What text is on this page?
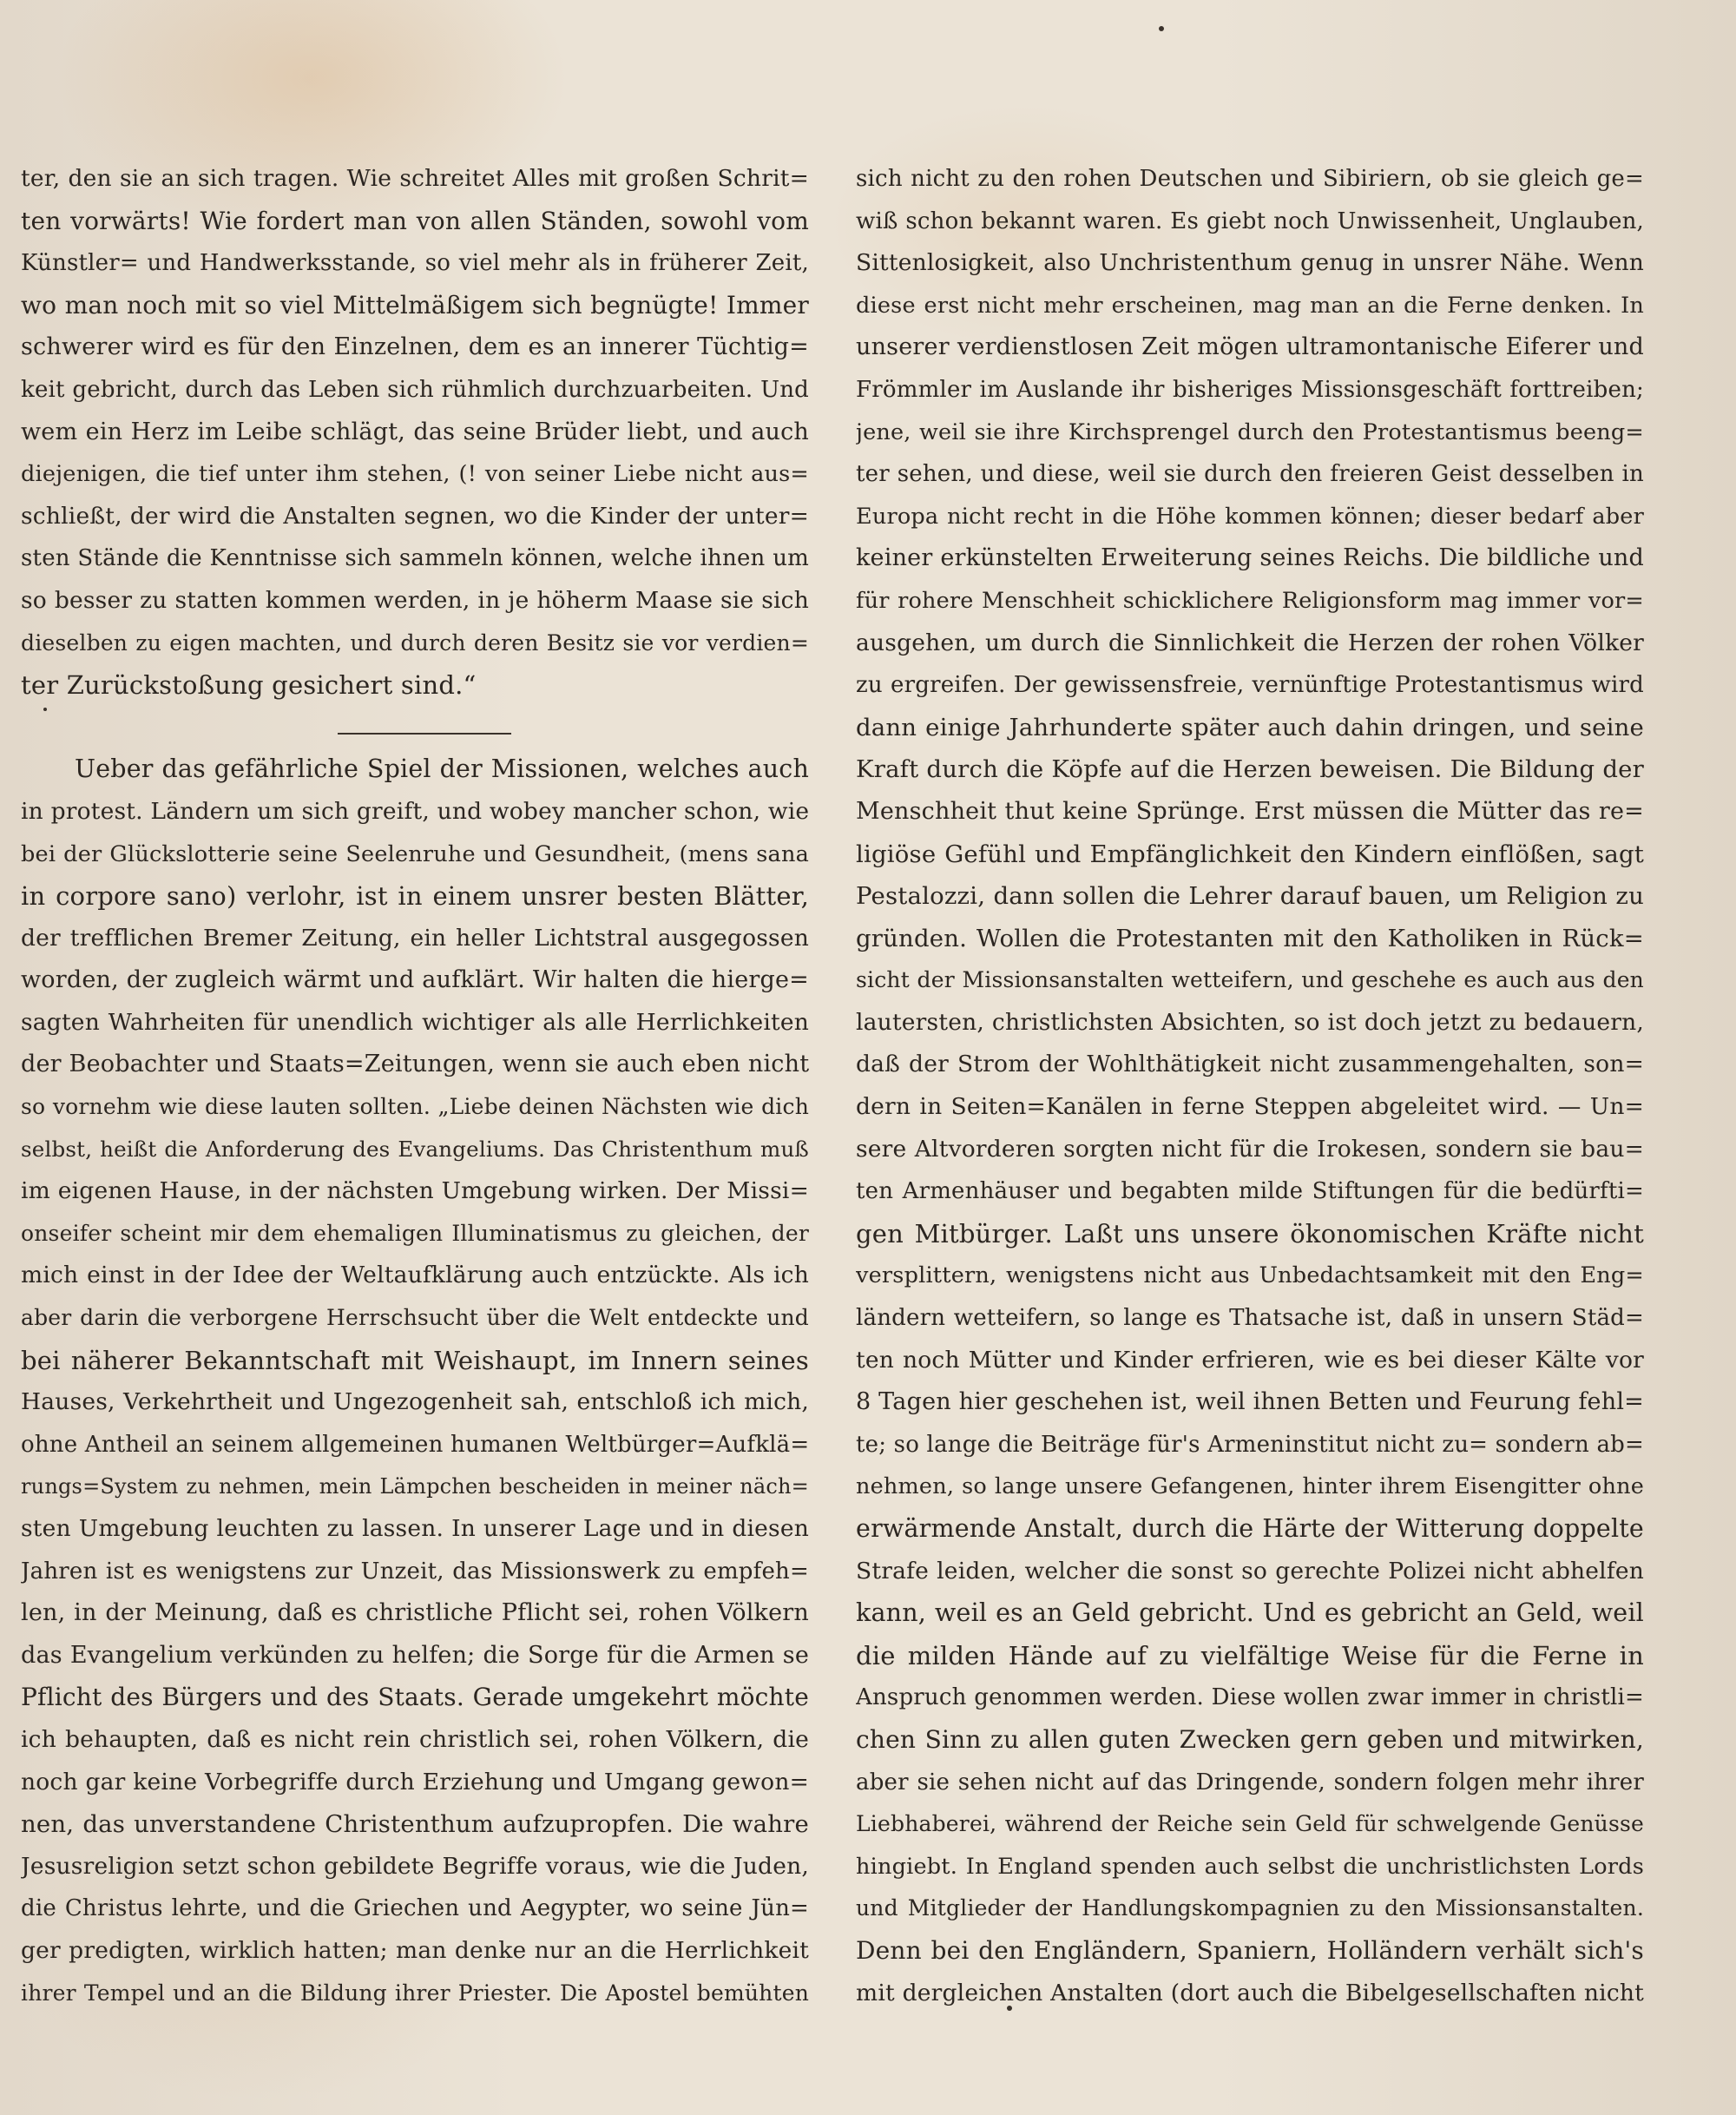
ter, den sie an sich tragen. Wie schreitet Alles mit großen Schrit=
ten vorwärts! Wie fordert man von allen Ständen, sowohl vom
Künstler= und Handwerksstande, so viel mehr als in früherer Zeit,
wo man noch mit so viel Mittelmäßigem sich begnügte! Immer
schwerer wird es für den Einzelnen, dem es an innerer Tüchtig=
keit gebricht, durch das Leben sich rühmlich durchzuarbeiten. Und
wem ein Herz im Leibe schlägt, das seine Brüder liebt, und auch
diejenigen, die tief unter ihm stehen, (! von seiner Liebe nicht aus=
schließt, der wird die Anstalten segnen, wo die Kinder der unter=
sten Stände die Kenntnisse sich sammeln können, welche ihnen um
so besser zu statten kommen werden, in je höherm Maase sie sich
dieselben zu eigen machten, und durch deren Besitz sie vor verdien=
ter Zurückstoßung gesichert sind.“
Ueber das gefährliche Spiel der Missionen, welches auch
in protest. Ländern um sich greift, und wobey mancher schon, wie
bei der Glückslotterie seine Seelenruhe und Gesundheit, (mens sana
in corpore sano) verlohr, ist in einem unsrer besten Blätter,
der trefflichen Bremer Zeitung, ein heller Lichtstral ausgegossen
worden, der zugleich wärmt und aufklärt. Wir halten die hierge=
sagten Wahrheiten für unendlich wichtiger als alle Herrlichkeiten
der Beobachter und Staats=Zeitungen, wenn sie auch eben nicht
so vornehm wie diese lauten sollten. „Liebe deinen Nächsten wie dich
selbst, heißt die Anforderung des Evangeliums. Das Christenthum muß
im eigenen Hause, in der nächsten Umgebung wirken. Der Missi=
onseifer scheint mir dem ehemaligen Illuminatismus zu gleichen, der
mich einst in der Idee der Weltaufklärung auch entzückte. Als ich
aber darin die verborgene Herrschsucht über die Welt entdeckte und
bei näherer Bekanntschaft mit Weishaupt, im Innern seines
Hauses, Verkehrtheit und Ungezogenheit sah, entschloß ich mich,
ohne Antheil an seinem allgemeinen humanen Weltbürger=Aufklä=
rungs=System zu nehmen, mein Lämpchen bescheiden in meiner näch=
sten Umgebung leuchten zu lassen. In unserer Lage und in diesen
Jahren ist es wenigstens zur Unzeit, das Missionswerk zu empfeh=
len, in der Meinung, daß es christliche Pflicht sei, rohen Völkern
das Evangelium verkünden zu helfen; die Sorge für die Armen se
Pflicht des Bürgers und des Staats. Gerade umgekehrt möchte
ich behaupten, daß es nicht rein christlich sei, rohen Völkern, die
noch gar keine Vorbegriffe durch Erziehung und Umgang gewon=
nen, das unverstandene Christenthum aufzupropfen. Die wahre
Jesusreligion setzt schon gebildete Begriffe voraus, wie die Juden,
die Christus lehrte, und die Griechen und Aegypter, wo seine Jün=
ger predigten, wirklich hatten; man denke nur an die Herrlichkeit
ihrer Tempel und an die Bildung ihrer Priester. Die Apostel bemühten
sich nicht zu den rohen Deutschen und Sibiriern, ob sie gleich ge=
wiß schon bekannt waren. Es giebt noch Unwissenheit, Unglauben,
Sittenlosigkeit, also Unchristenthum genug in unsrer Nähe. Wenn
diese erst nicht mehr erscheinen, mag man an die Ferne denken. In
unserer verdienstlosen Zeit mögen ultramontanische Eiferer und
Frömmler im Auslande ihr bisheriges Missionsgeschäft forttreiben;
jene, weil sie ihre Kirchsprengel durch den Protestantismus beeng=
ter sehen, und diese, weil sie durch den freieren Geist desselben in
Europa nicht recht in die Höhe kommen können; dieser bedarf aber
keiner erkünstelten Erweiterung seines Reichs. Die bildliche und
für rohere Menschheit schicklichere Religionsform mag immer vor=
ausgehen, um durch die Sinnlichkeit die Herzen der rohen Völker
zu ergreifen. Der gewissensfreie, vernünftige Protestantismus wird
dann einige Jahrhunderte später auch dahin dringen, und seine
Kraft durch die Köpfe auf die Herzen beweisen. Die Bildung der
Menschheit thut keine Sprünge. Erst müssen die Mütter das re=
ligiöse Gefühl und Empfänglichkeit den Kindern einflößen, sagt
Pestalozzi, dann sollen die Lehrer darauf bauen, um Religion zu
gründen. Wollen die Protestanten mit den Katholiken in Rück=
sicht der Missionsanstalten wetteifern, und geschehe es auch aus den
lautersten, christlichsten Absichten, so ist doch jetzt zu bedauern,
daß der Strom der Wohlthätigkeit nicht zusammengehalten, son=
dern in Seiten=Kanälen in ferne Steppen abgeleitet wird. — Un=
sere Altvorderen sorgten nicht für die Irokesen, sondern sie bau=
ten Armenhäuser und begabten milde Stiftungen für die bedürfti=
gen Mitbürger. Laßt uns unsere ökonomischen Kräfte nicht
versplittern, wenigstens nicht aus Unbedachtsamkeit mit den Eng=
ländern wetteifern, so lange es Thatsache ist, daß in unsern Städ=
ten noch Mütter und Kinder erfrieren, wie es bei dieser Kälte vor
8 Tagen hier geschehen ist, weil ihnen Betten und Feurung fehl=
te; so lange die Beiträge für's Armeninstitut nicht zu= sondern ab=
nehmen, so lange unsere Gefangenen, hinter ihrem Eisengitter ohne
erwärmende Anstalt, durch die Härte der Witterung doppelte
Strafe leiden, welcher die sonst so gerechte Polizei nicht abhelfen
kann, weil es an Geld gebricht. Und es gebricht an Geld, weil
die milden Hände auf zu vielfältige Weise für die Ferne in
Anspruch genommen werden. Diese wollen zwar immer in christli=
chen Sinn zu allen guten Zwecken gern geben und mitwirken,
aber sie sehen nicht auf das Dringende, sondern folgen mehr ihrer
Liebhaberei, während der Reiche sein Geld für schwelgende Genüsse
hingiebt. In England spenden auch selbst die unchristlichsten Lords
und Mitglieder der Handlungskompagnien zu den Missionsanstalten.
Denn bei den Engländern, Spaniern, Holländern verhält sich's
mit dergleichen Anstalten (dort auch die Bibelgesellschaften nicht
